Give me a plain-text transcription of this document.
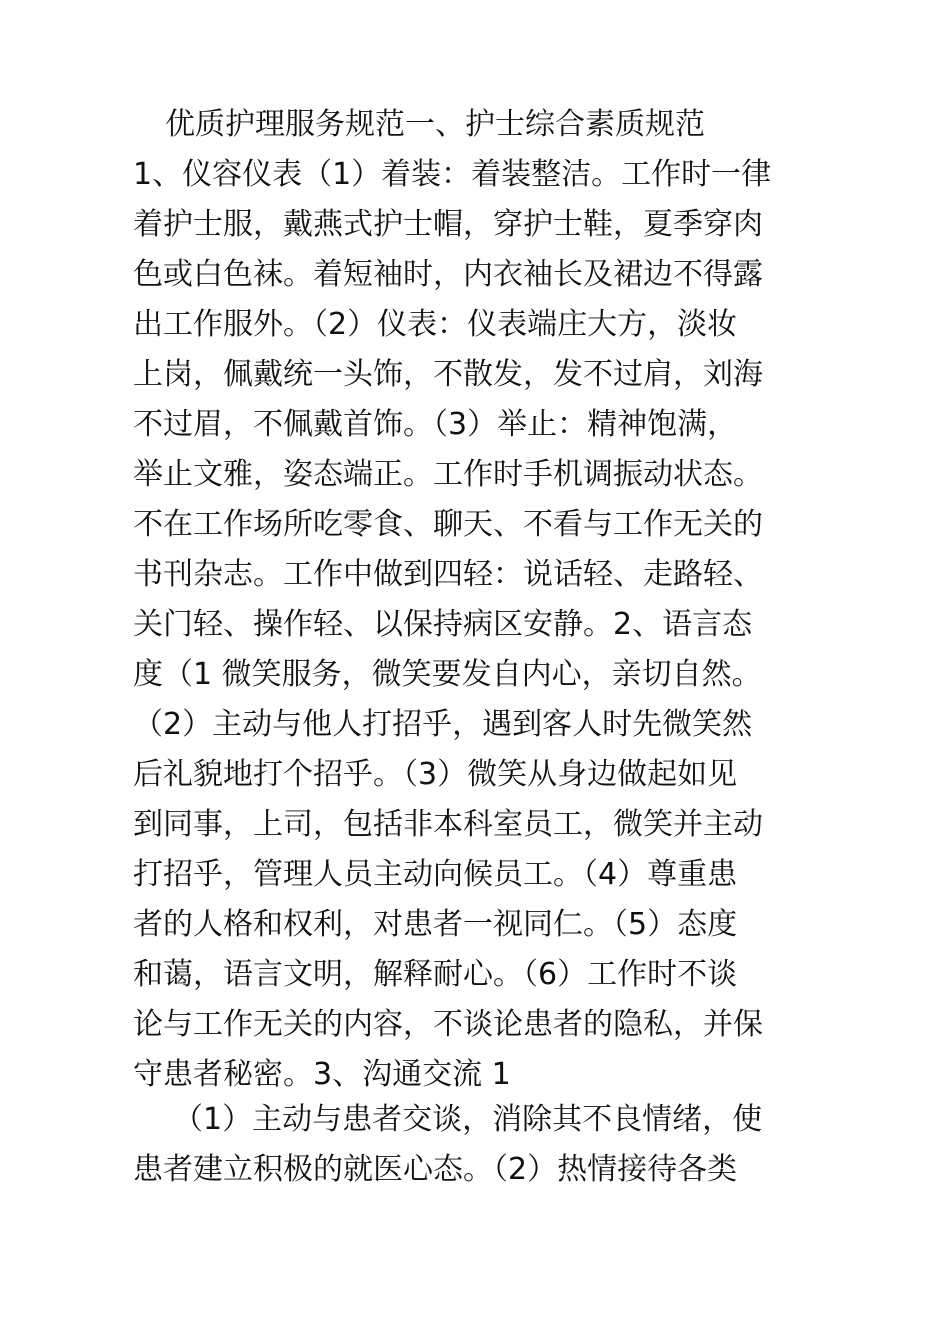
优质护理服务规范一、护士综合素质规范
1、仪容仪表（1）着装：着装整洁。工作时一律
着护士服，戴燕式护士帽，穿护士鞋，夏季穿肉
色或白色袜。着短袖时，内衣袖长及裙边不得露
出工作服外。（2）仪表：仪表端庄大方，淡妆
上岗，佩戴统一头饰，不散发，发不过肩，刘海
不过眉，不佩戴首饰。（3）举止：精神饱满，
举止文雅，姿态端正。工作时手机调振动状态。
不在工作场所吃零食、聊天、不看与工作无关的
书刊杂志。工作中做到四轻：说话轻、走路轻、
关门轻、操作轻、以保持病区安静。2、语言态
度（1 微笑服务，微笑要发自内心，亲切自然。
（2）主动与他人打招乎，遇到客人时先微笑然
后礼貌地打个招乎。（3）微笑从身边做起如见
到同事，上司，包括非本科室员工，微笑并主动
打招乎，管理人员主动向候员工。（4）尊重患
者的人格和权利，对患者一视同仁。（5）态度
和蔼，语言文明，解释耐心。（6）工作时不谈
论与工作无关的内容，不谈论患者的隐私，并保
守患者秘密。3、沟通交流 1
（1）主动与患者交谈，消除其不良情绪，使
患者建立积极的就医心态。（2）热情接待各类
